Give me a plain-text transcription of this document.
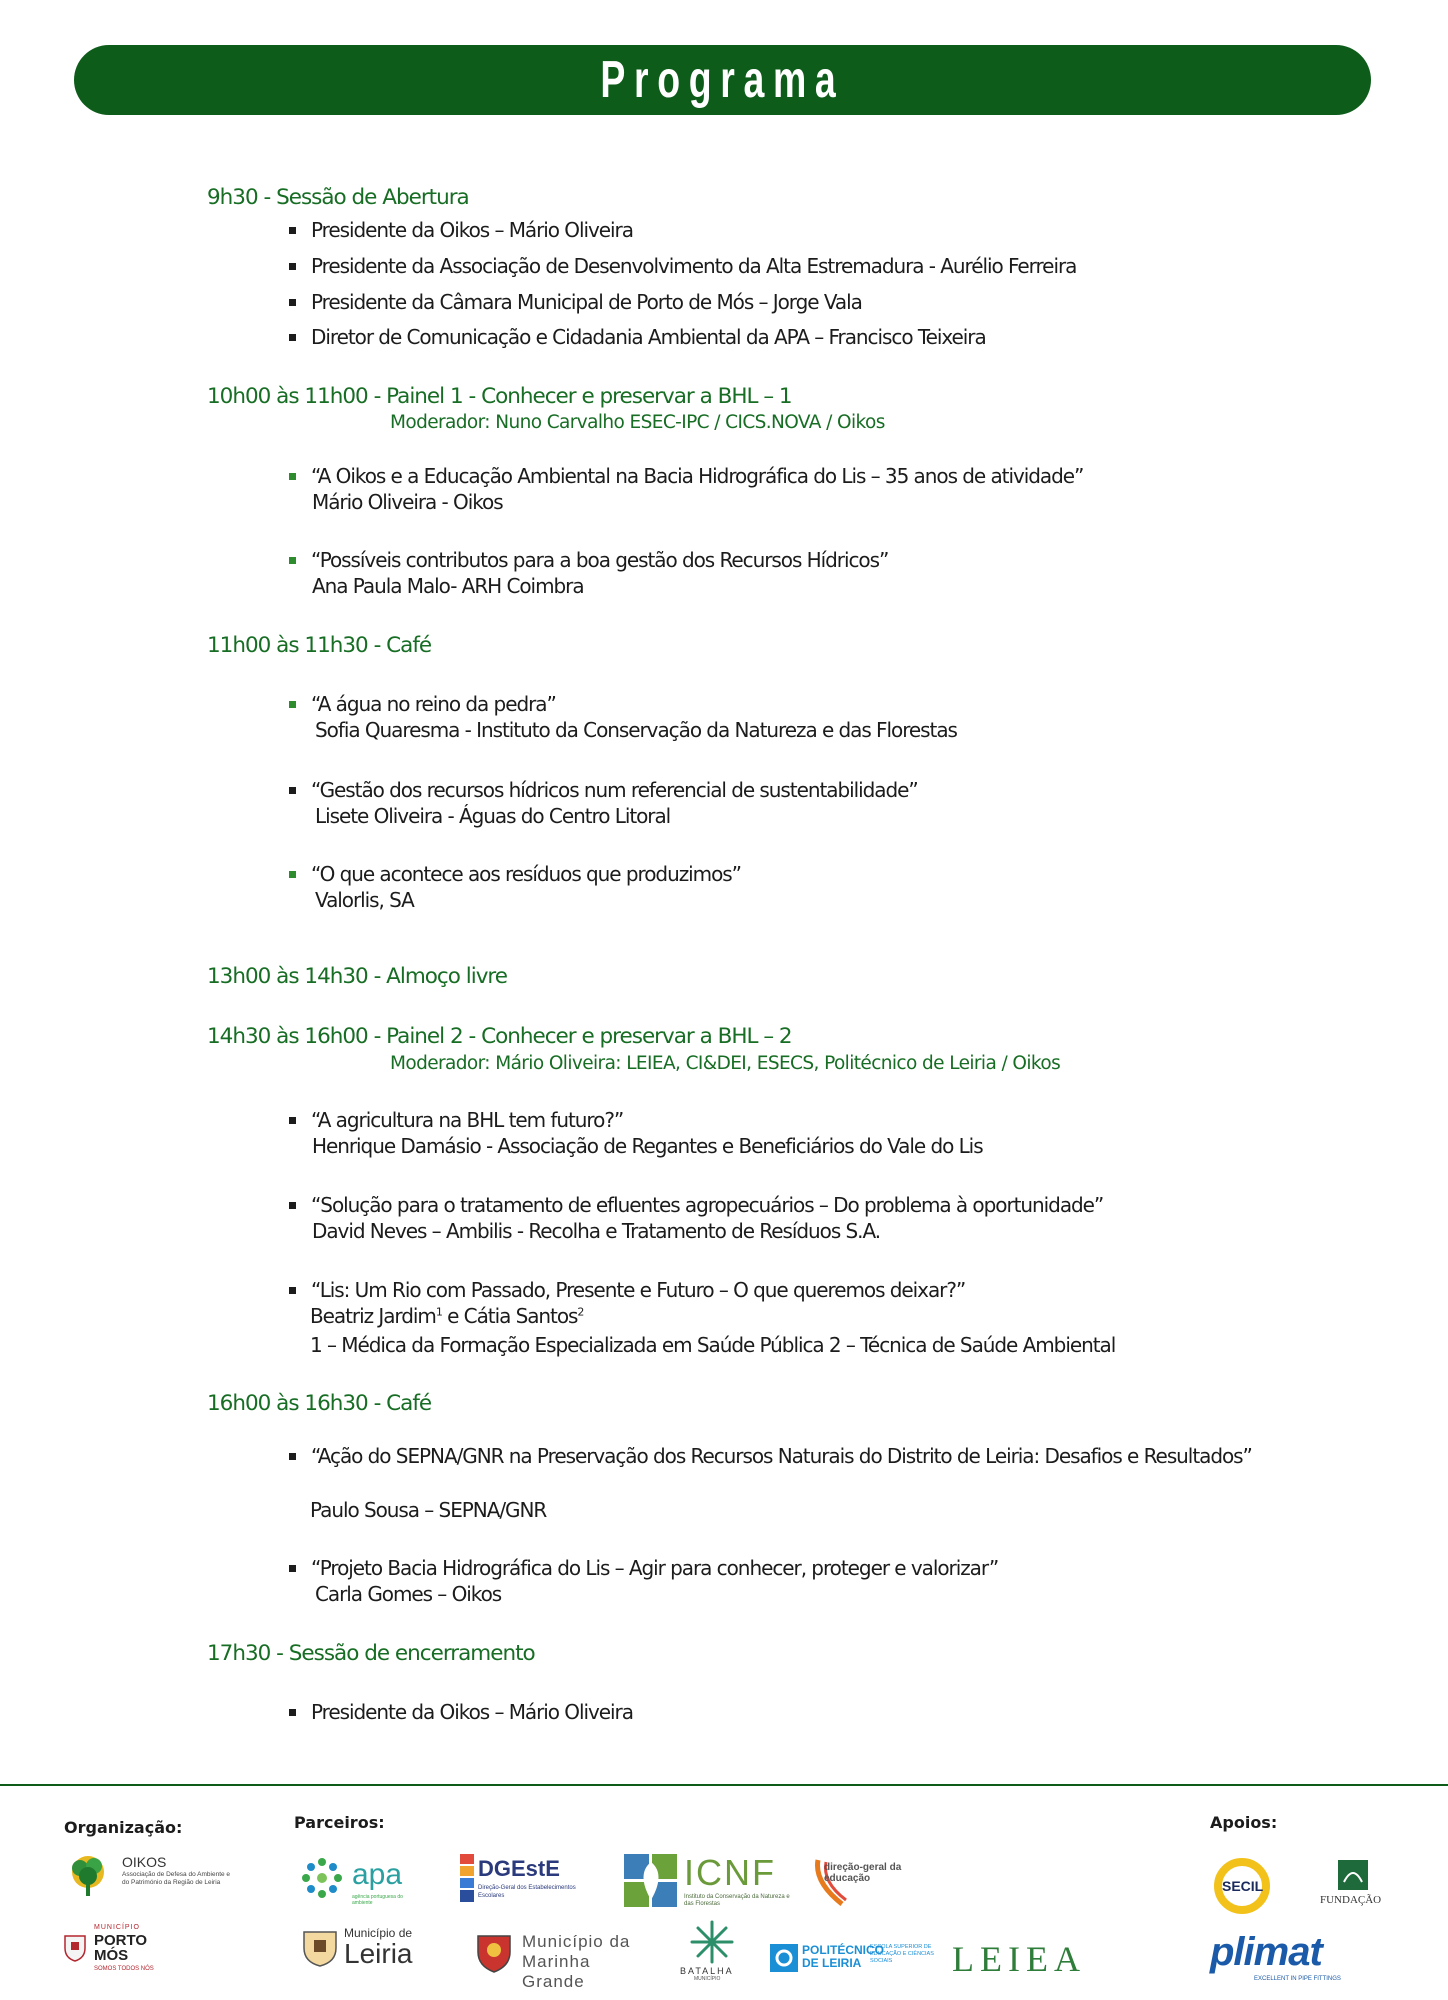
Programa
9h30 - Sessão de Abertura
Presidente da Oikos – Mário Oliveira
Presidente da Associação de Desenvolvimento da Alta Estremadura - Aurélio Ferreira
Presidente da Câmara Municipal de Porto de Mós – Jorge Vala
Diretor de Comunicação e Cidadania Ambiental da APA – Francisco Teixeira
10h00 às 11h00 - Painel 1 - Conhecer e preservar a BHL – 1
Moderador: Nuno Carvalho ESEC-IPC / CICS.NOVA / Oikos
“A Oikos e a Educação Ambiental na Bacia Hidrográfica do Lis – 35 anos de atividade”
Mário Oliveira - Oikos
“Possíveis contributos para a boa gestão dos Recursos Hídricos”
Ana Paula Malo- ARH Coimbra
11h00 às 11h30 - Café
“A água no reino da pedra”
Sofia Quaresma - Instituto da Conservação da Natureza e das Florestas
“Gestão dos recursos hídricos num referencial de sustentabilidade”
Lisete Oliveira - Águas do Centro Litoral
“O que acontece aos resíduos que produzimos”
Valorlis, SA
13h00 às 14h30 - Almoço livre
14h30 às 16h00 - Painel 2 - Conhecer e preservar a BHL – 2
Moderador: Mário Oliveira: LEIEA, CI&DEI, ESECS, Politécnico de Leiria / Oikos
“A agricultura na BHL tem futuro?”
Henrique Damásio - Associação de Regantes e Beneficiários do Vale do Lis
“Solução para o tratamento de efluentes agropecuários – Do problema à oportunidade”
David Neves – Ambilis - Recolha e Tratamento de Resíduos S.A.
“Lis: Um Rio com Passado, Presente e Futuro – O que queremos deixar?”
Beatriz Jardim$^1$ e Cátia Santos$^2$
1 – Médica da Formação Especializada em Saúde Pública 2 – Técnica de Saúde Ambiental
16h00 às 16h30 - Café
“Ação do SEPNA/GNR na Preservação dos Recursos Naturais do Distrito de Leiria: Desafios e Resultados”
Paulo Sousa – SEPNA/GNR
“Projeto Bacia Hidrográfica do Lis – Agir para conhecer, proteger e valorizar”
Carla Gomes – Oikos
17h30 - Sessão de encerramento
Presidente da Oikos – Mário Oliveira
Organização:	Parceiros:	Apoios:
OIKOS
Associação de Defesa do Ambiente e do Património da Região de Leiria
MUNICÍPIO
PORTO MÓS
SOMOS TODOS NÓS
apa
agência portuguesa do ambiente
DGEstE
Direção-Geral dos Estabelecimentos Escolares
ICNF
Instituto da Conservação da Natureza e das Florestas
direção-geral da educação
Município de
Leiria	Município da
Marinha Grande
BATALHA
MUNICÍPIO
POLITÉCNICO DE LEIRIA
ESCOLA SUPERIOR DE EDUCAÇÃO E CIÊNCIAS SOCIAIS	LEIEA
SECIL
FUNDAÇÃO
plimat
EXCELLENT IN PIPE FITTINGS
